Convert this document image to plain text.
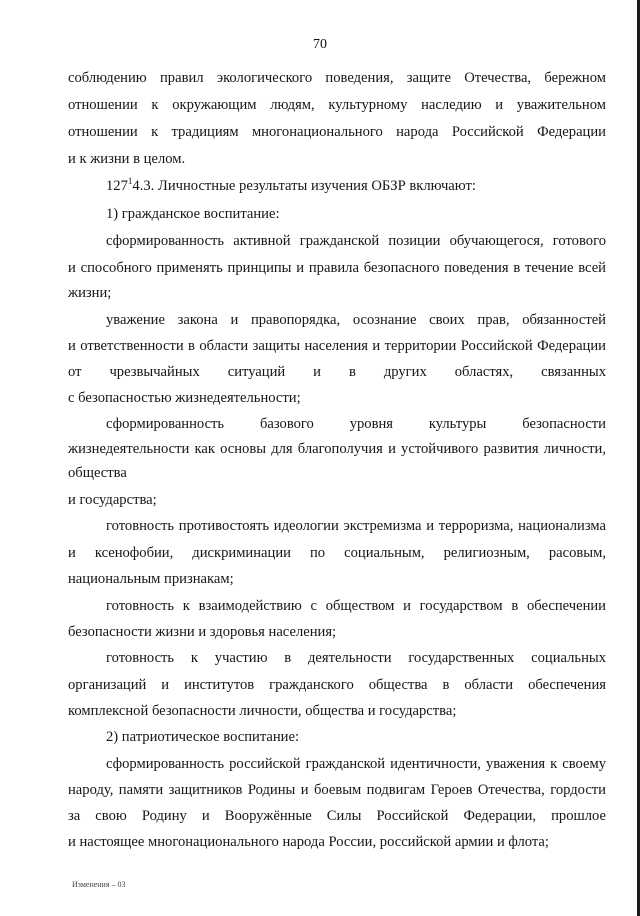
70
соблюдению правил экологического поведения, защите Отечества, бережном
отношении к окружающим людям, культурному наследию и уважительном
отношении к традициям многонационального народа Российской Федерации
и к жизни в целом.
$127^14.3$. Личностные результаты изучения ОБЗР включают:
1) гражданское воспитание:
сформированность активной гражданской позиции обучающегося, готового
и способного применять принципы и правила безопасного поведения в течение всей
жизни;
уважение закона и правопорядка, осознание своих прав, обязанностей
и ответственности в области защиты населения и территории Российской Федерации
от чрезвычайных ситуаций и в других областях, связанных
с безопасностью жизнедеятельности;
сформированность базового уровня культуры безопасности
жизнедеятельности как основы для благополучия и устойчивого развития личности,
общества
и государства;
готовность противостоять идеологии экстремизма и терроризма, национализма
и ксенофобии, дискриминации по социальным, религиозным, расовым,
национальным признакам;
готовность к взаимодействию с обществом и государством в обеспечении
безопасности жизни и здоровья населения;
готовность к участию в деятельности государственных социальных
организаций и институтов гражданского общества в области обеспечения
комплексной безопасности личности, общества и государства;
2) патриотическое воспитание:
сформированность российской гражданской идентичности, уважения к своему
народу, памяти защитников Родины и боевым подвигам Героев Отечества, гордости
за свою Родину и Вооружённые Силы Российской Федерации, прошлое
и настоящее многонационального народа России, российской армии и флота;
Изменения – 03
